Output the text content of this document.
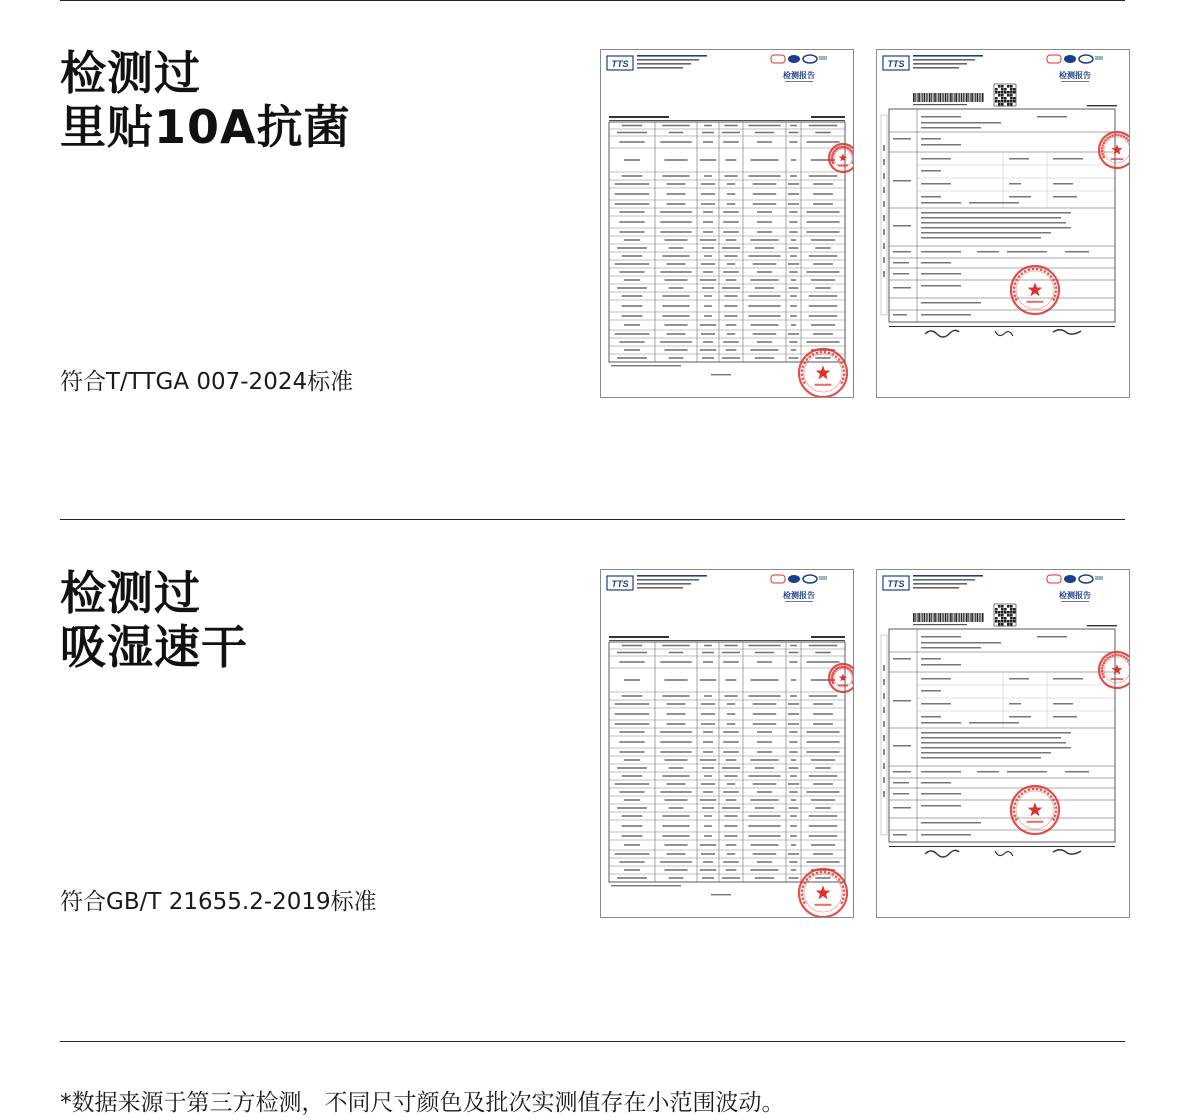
检测过
里贴10A抗菌
符合T/TTGA 007-2024标准
TTS
检测报告
TTS
检测报告
检测过
吸湿速干
符合GB/T 21655.2-2019标准
TTS
检测报告
TTS
检测报告
*数据来源于第三方检测，不同尺寸颜色及批次实测值存在小范围波动。
